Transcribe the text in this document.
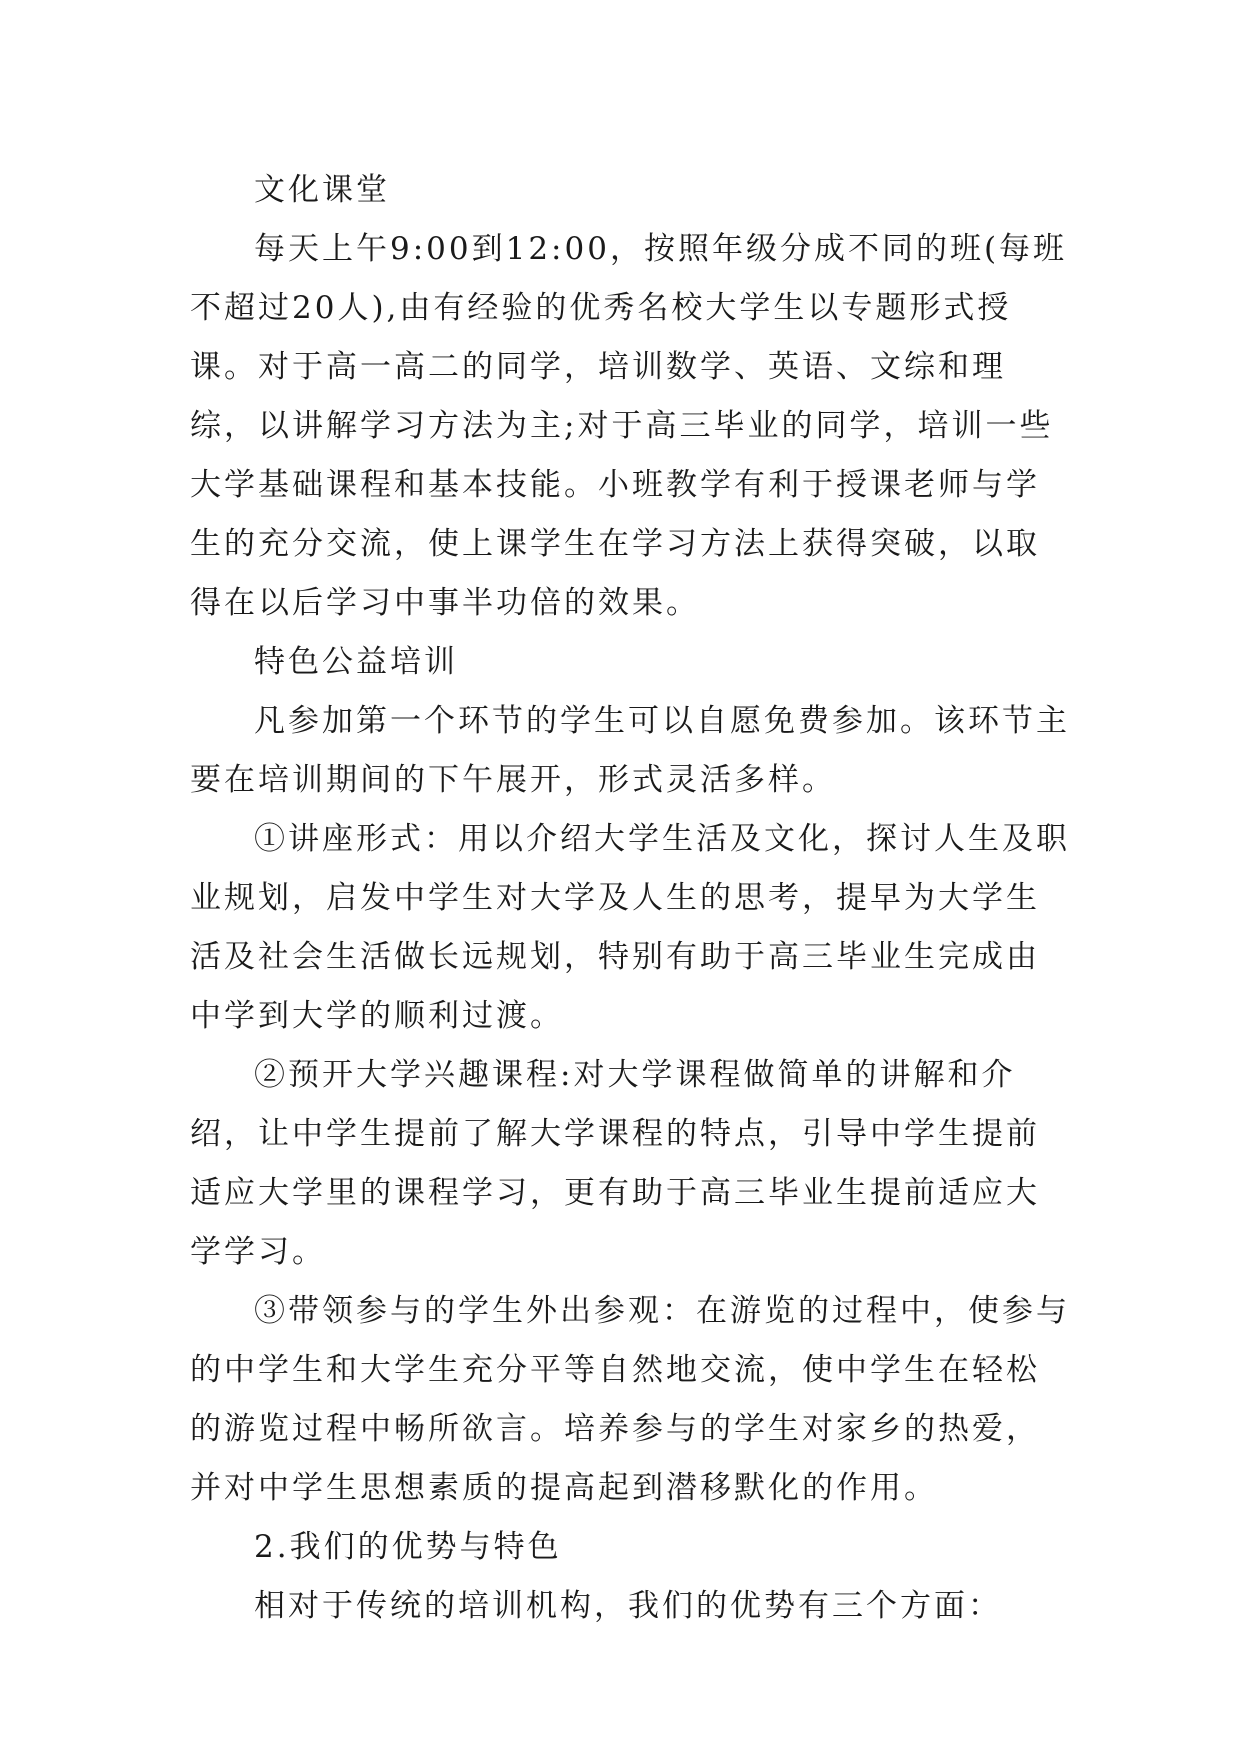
文化课堂

每天上午9:00到12:00，按照年级分成不同的班(每班不超过20人),由有经验的优秀名校大学生以专题形式授课。对于高一高二的同学，培训数学、英语、文综和理综，以讲解学习方法为主;对于高三毕业的同学，培训一些大学基础课程和基本技能。小班教学有利于授课老师与学生的充分交流，使上课学生在学习方法上获得突破，以取得在以后学习中事半功倍的效果。

特色公益培训

凡参加第一个环节的学生可以自愿免费参加。该环节主要在培训期间的下午展开，形式灵活多样。

①讲座形式：用以介绍大学生活及文化，探讨人生及职业规划，启发中学生对大学及人生的思考，提早为大学生活及社会生活做长远规划，特别有助于高三毕业生完成由中学到大学的顺利过渡。

②预开大学兴趣课程:对大学课程做简单的讲解和介绍，让中学生提前了解大学课程的特点，引导中学生提前适应大学里的课程学习，更有助于高三毕业生提前适应大学学习。

③带领参与的学生外出参观：在游览的过程中，使参与的中学生和大学生充分平等自然地交流，使中学生在轻松的游览过程中畅所欲言。培养参与的学生对家乡的热爱，并对中学生思想素质的提高起到潜移默化的作用。

2.我们的优势与特色

相对于传统的培训机构，我们的优势有三个方面：
